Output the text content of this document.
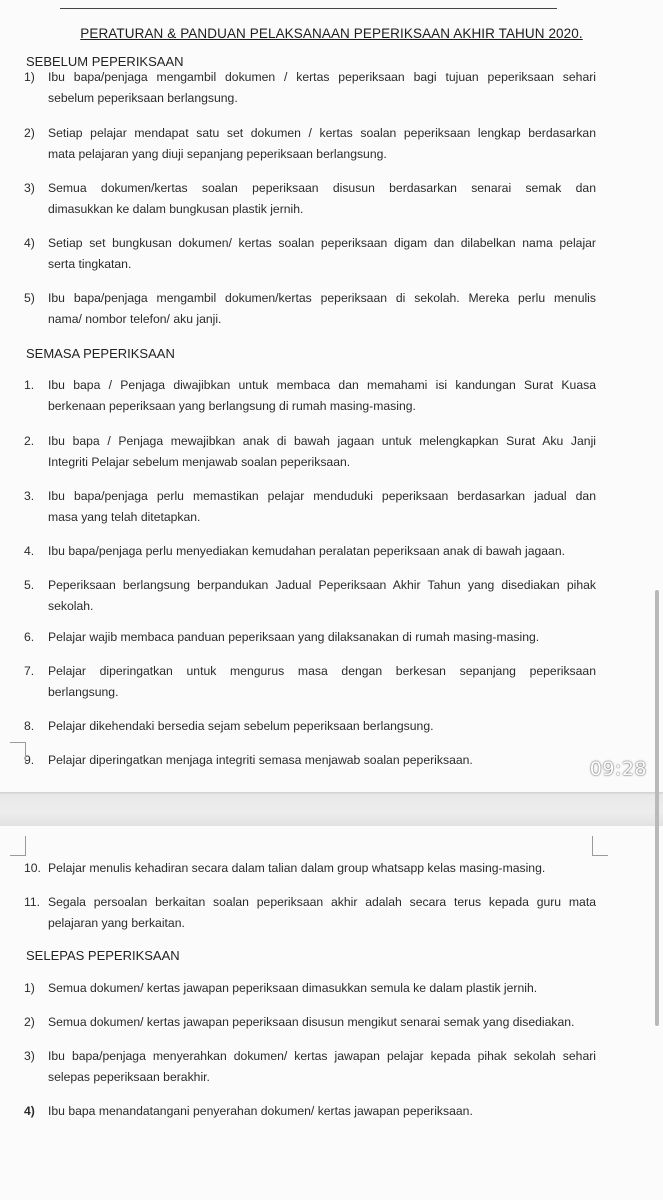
PERATURAN & PANDUAN PELAKSANAAN PEPERIKSAAN AKHIR TAHUN 2020.
SEBELUM PEPERIKSAAN
1) Ibu bapa/penjaga mengambil dokumen / kertas peperiksaan bagi tujuan peperiksaan sehari
sebelum peperiksaan berlangsung.
2) Setiap pelajar mendapat satu set dokumen / kertas soalan peperiksaan lengkap berdasarkan
mata pelajaran yang diuji sepanjang peperiksaan berlangsung.
3) Semua dokumen/kertas soalan peperiksaan disusun berdasarkan senarai semak dan
dimasukkan ke dalam bungkusan plastik jernih.
4) Setiap set bungkusan dokumen/ kertas soalan peperiksaan digam dan dilabelkan nama pelajar
serta tingkatan.
5) Ibu bapa/penjaga mengambil dokumen/kertas peperiksaan di sekolah. Mereka perlu menulis
nama/ nombor telefon/ aku janji.
SEMASA PEPERIKSAAN
1. Ibu bapa / Penjaga diwajibkan untuk membaca dan memahami isi kandungan Surat Kuasa
berkenaan peperiksaan yang berlangsung di rumah masing-masing.
2. Ibu bapa / Penjaga mewajibkan anak di bawah jagaan untuk melengkapkan Surat Aku Janji
Integriti Pelajar sebelum menjawab soalan peperiksaan.
3. Ibu bapa/penjaga perlu memastikan pelajar menduduki peperiksaan berdasarkan jadual dan
masa yang telah ditetapkan.
4. Ibu bapa/penjaga perlu menyediakan kemudahan peralatan peperiksaan anak di bawah jagaan.
5. Peperiksaan berlangsung berpandukan Jadual Peperiksaan Akhir Tahun yang disediakan pihak
sekolah.
6. Pelajar wajib membaca panduan peperiksaan yang dilaksanakan di rumah masing-masing.
7. Pelajar diperingatkan untuk mengurus masa dengan berkesan sepanjang peperiksaan
berlangsung.
8. Pelajar dikehendaki bersedia sejam sebelum peperiksaan berlangsung.
9. Pelajar diperingatkan menjaga integriti semasa menjawab soalan peperiksaan.	09:28
10. Pelajar menulis kehadiran secara dalam talian dalam group whatsapp kelas masing-masing.
11. Segala persoalan berkaitan soalan peperiksaan akhir adalah secara terus kepada guru mata
pelajaran yang berkaitan.
SELEPAS PEPERIKSAAN
1) Semua dokumen/ kertas jawapan peperiksaan dimasukkan semula ke dalam plastik jernih.
2) Semua dokumen/ kertas jawapan peperiksaan disusun mengikut senarai semak yang disediakan.
3) Ibu bapa/penjaga menyerahkan dokumen/ kertas jawapan pelajar kepada pihak sekolah sehari
selepas peperiksaan berakhir.
4) Ibu bapa menandatangani penyerahan dokumen/ kertas jawapan peperiksaan.
